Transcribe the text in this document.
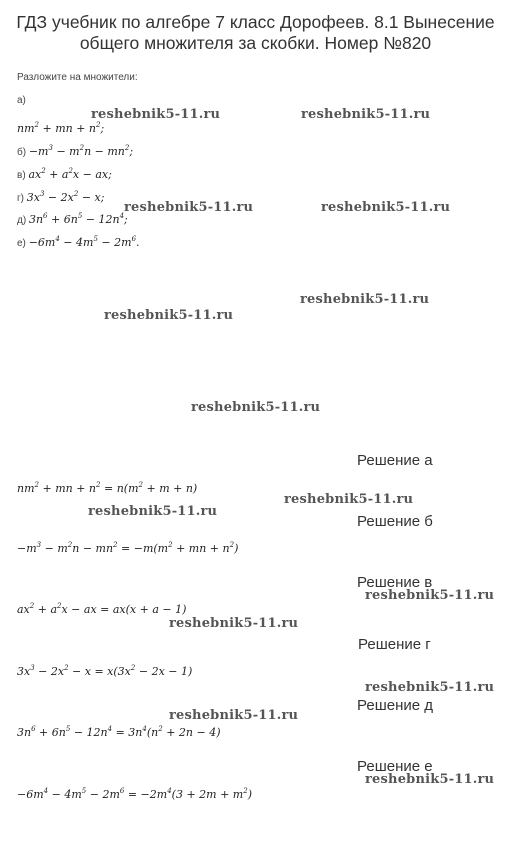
ГДЗ учебник по алгебре 7 класс Дорофеев. 8.1 Вынесение
общего множителя за скобки. Номер №820
Разложите на множители:
а)
$nm^2$ + mn + $n^2$;
$б) -m^3 - m^2n - mn^2$;
в) $ax^2 + a^2x$ − ax;
г) $3x^3 - 2x^2 - x$;
д) $3n^6 + 6n^5 - 12n^4$;
$е) -6m^4 - 4m^5 - 2m^6$.
Решение а
$nm^2$ + mn + $n^2 = n(m^2 + m + n)$
Решение б
$-m^3 - m^2n - mn^2 = -m(m^2$ + mn + $n^2$)
Решение в
$ax^2 + a^2x$ − ax = ax(x + a − 1)
Решение г
$3x^3 - 2x^2 - x = x(3x^2 - 2x - 1)$
Решение д
$3n^6 + 6n^5 - 12n^4 = 3n^4(n^2 + 2n - 4)$
Решение е
$-6m^4 - 4m^5 - 2m^6 = -2m^4(3 + 2m + m^2)$
reshebnik5-11.ru	reshebnik5-11.ru
reshebnik5-11.ru	reshebnik5-11.ru
reshebnik5-11.ru
reshebnik5-11.ru
reshebnik5-11.ru
reshebnik5-11.ru
reshebnik5-11.ru
reshebnik5-11.ru
reshebnik5-11.ru
reshebnik5-11.ru
reshebnik5-11.ru
reshebnik5-11.ru
